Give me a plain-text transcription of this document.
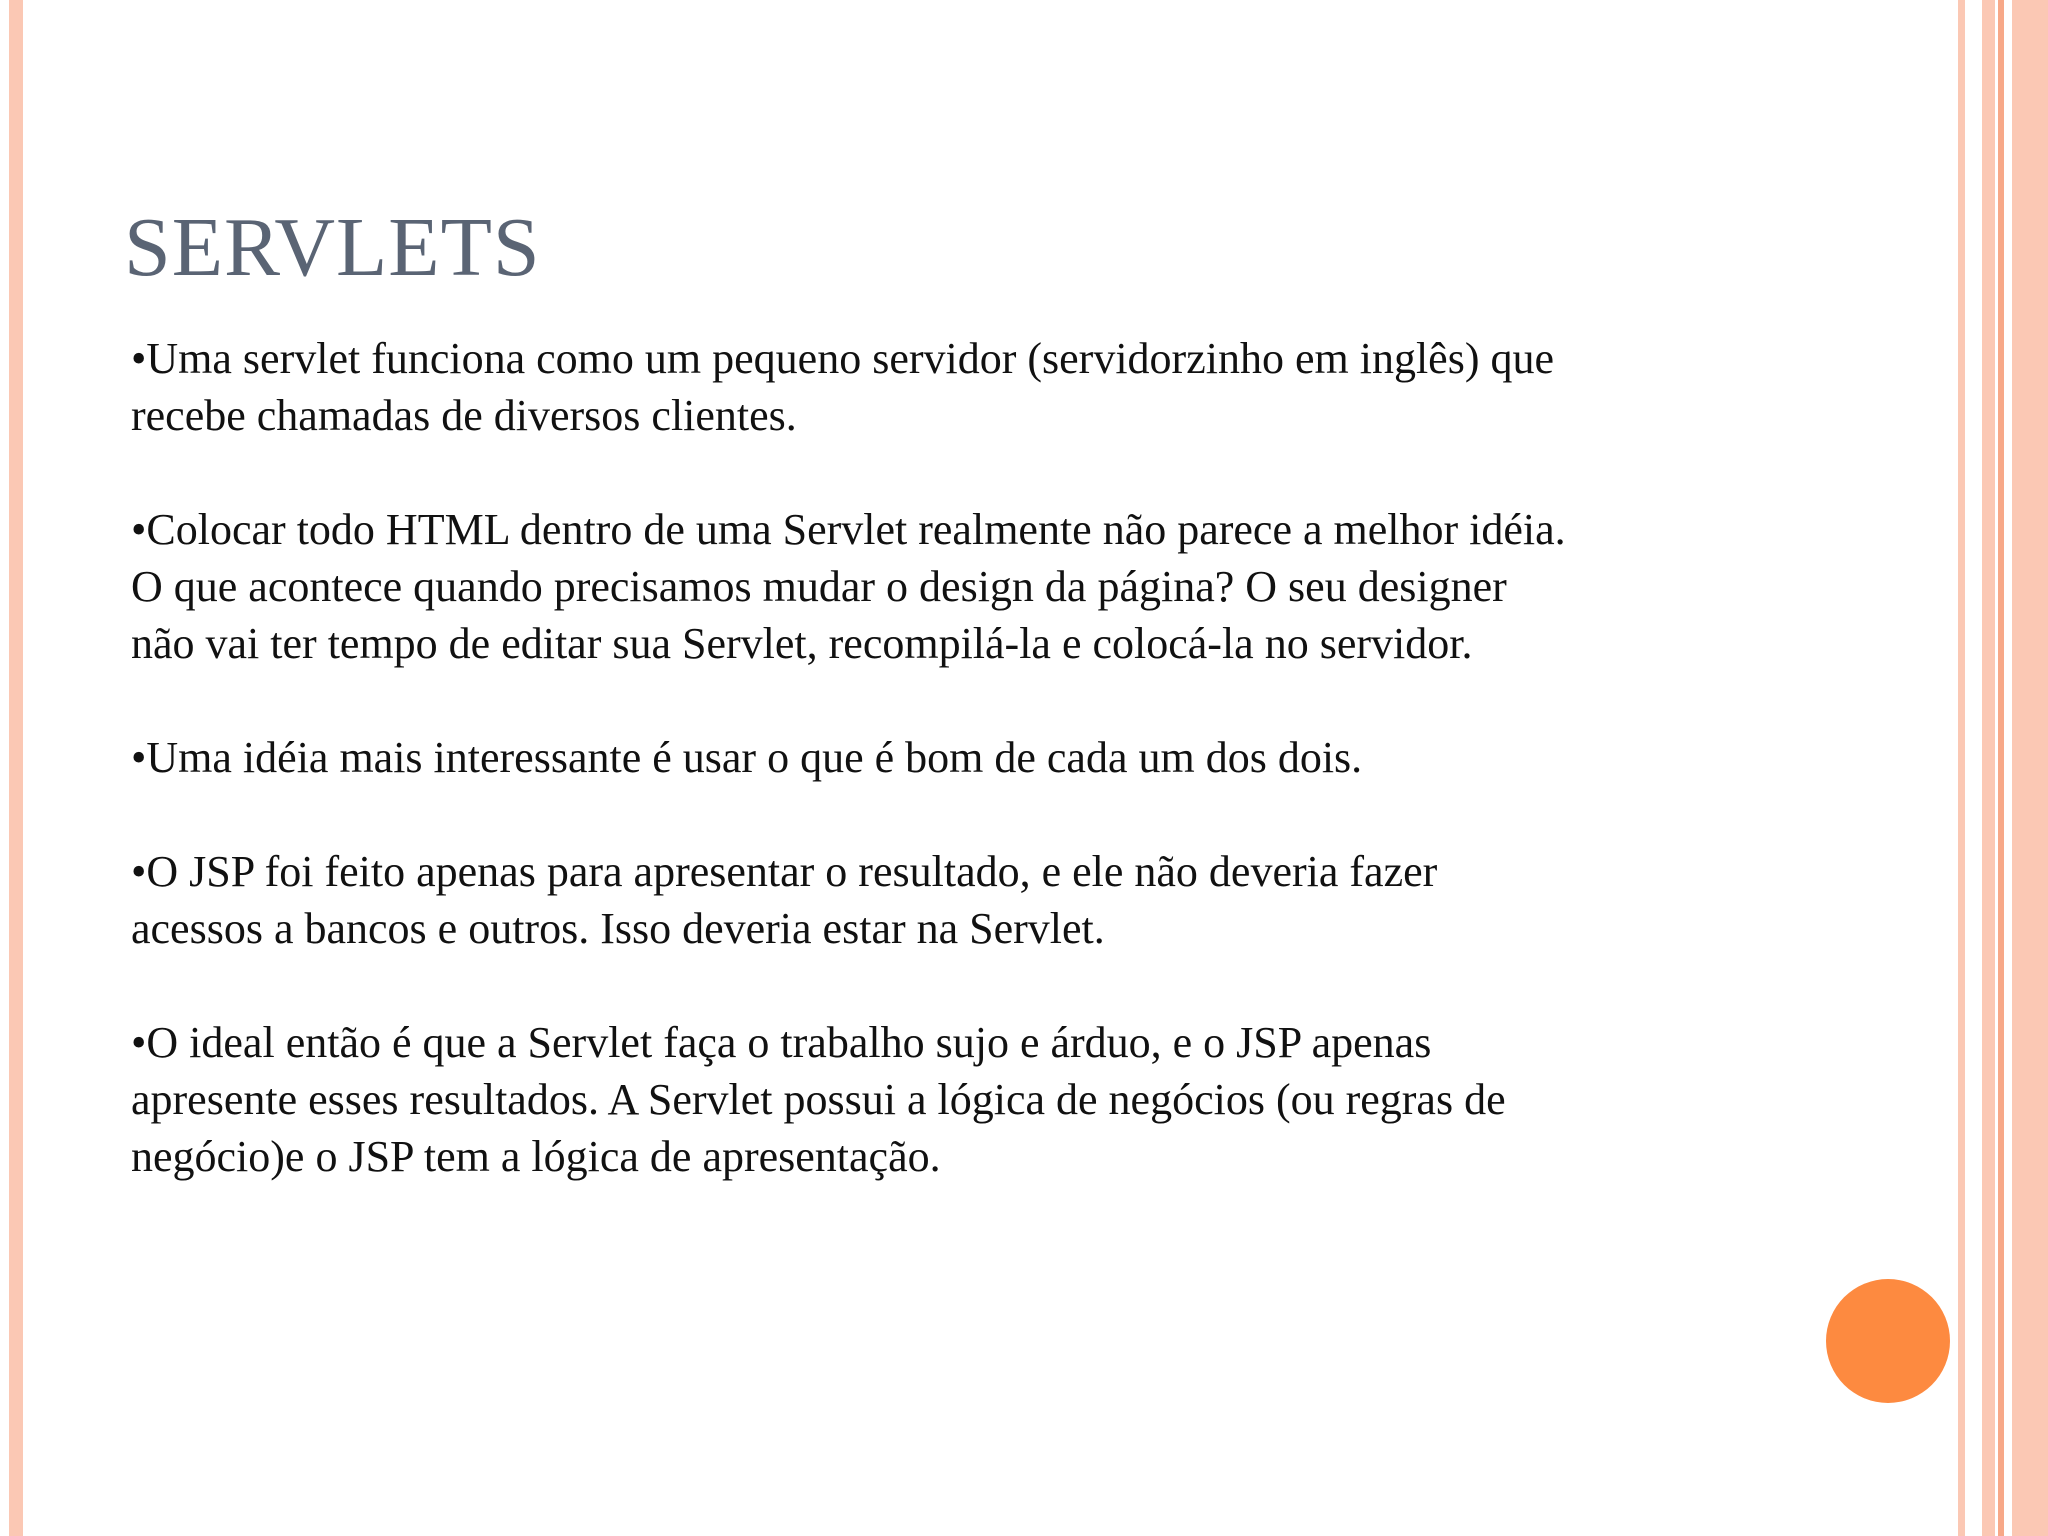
SERVLETS

•Uma servlet funciona como um pequeno servidor (servidorzinho em inglês) que
recebe chamadas de diversos clientes.

•Colocar todo HTML dentro de uma Servlet realmente não parece a melhor idéia.
O que acontece quando precisamos mudar o design da página? O seu designer
não vai ter tempo de editar sua Servlet, recompilá-la e colocá-la no servidor.

•Uma idéia mais interessante é usar o que é bom de cada um dos dois.

•O JSP foi feito apenas para apresentar o resultado, e ele não deveria fazer
acessos a bancos e outros. Isso deveria estar na Servlet.

•O ideal então é que a Servlet faça o trabalho sujo e árduo, e o JSP apenas
apresente esses resultados. A Servlet possui a lógica de negócios (ou regras de
negócio)e o JSP tem a lógica de apresentação.
